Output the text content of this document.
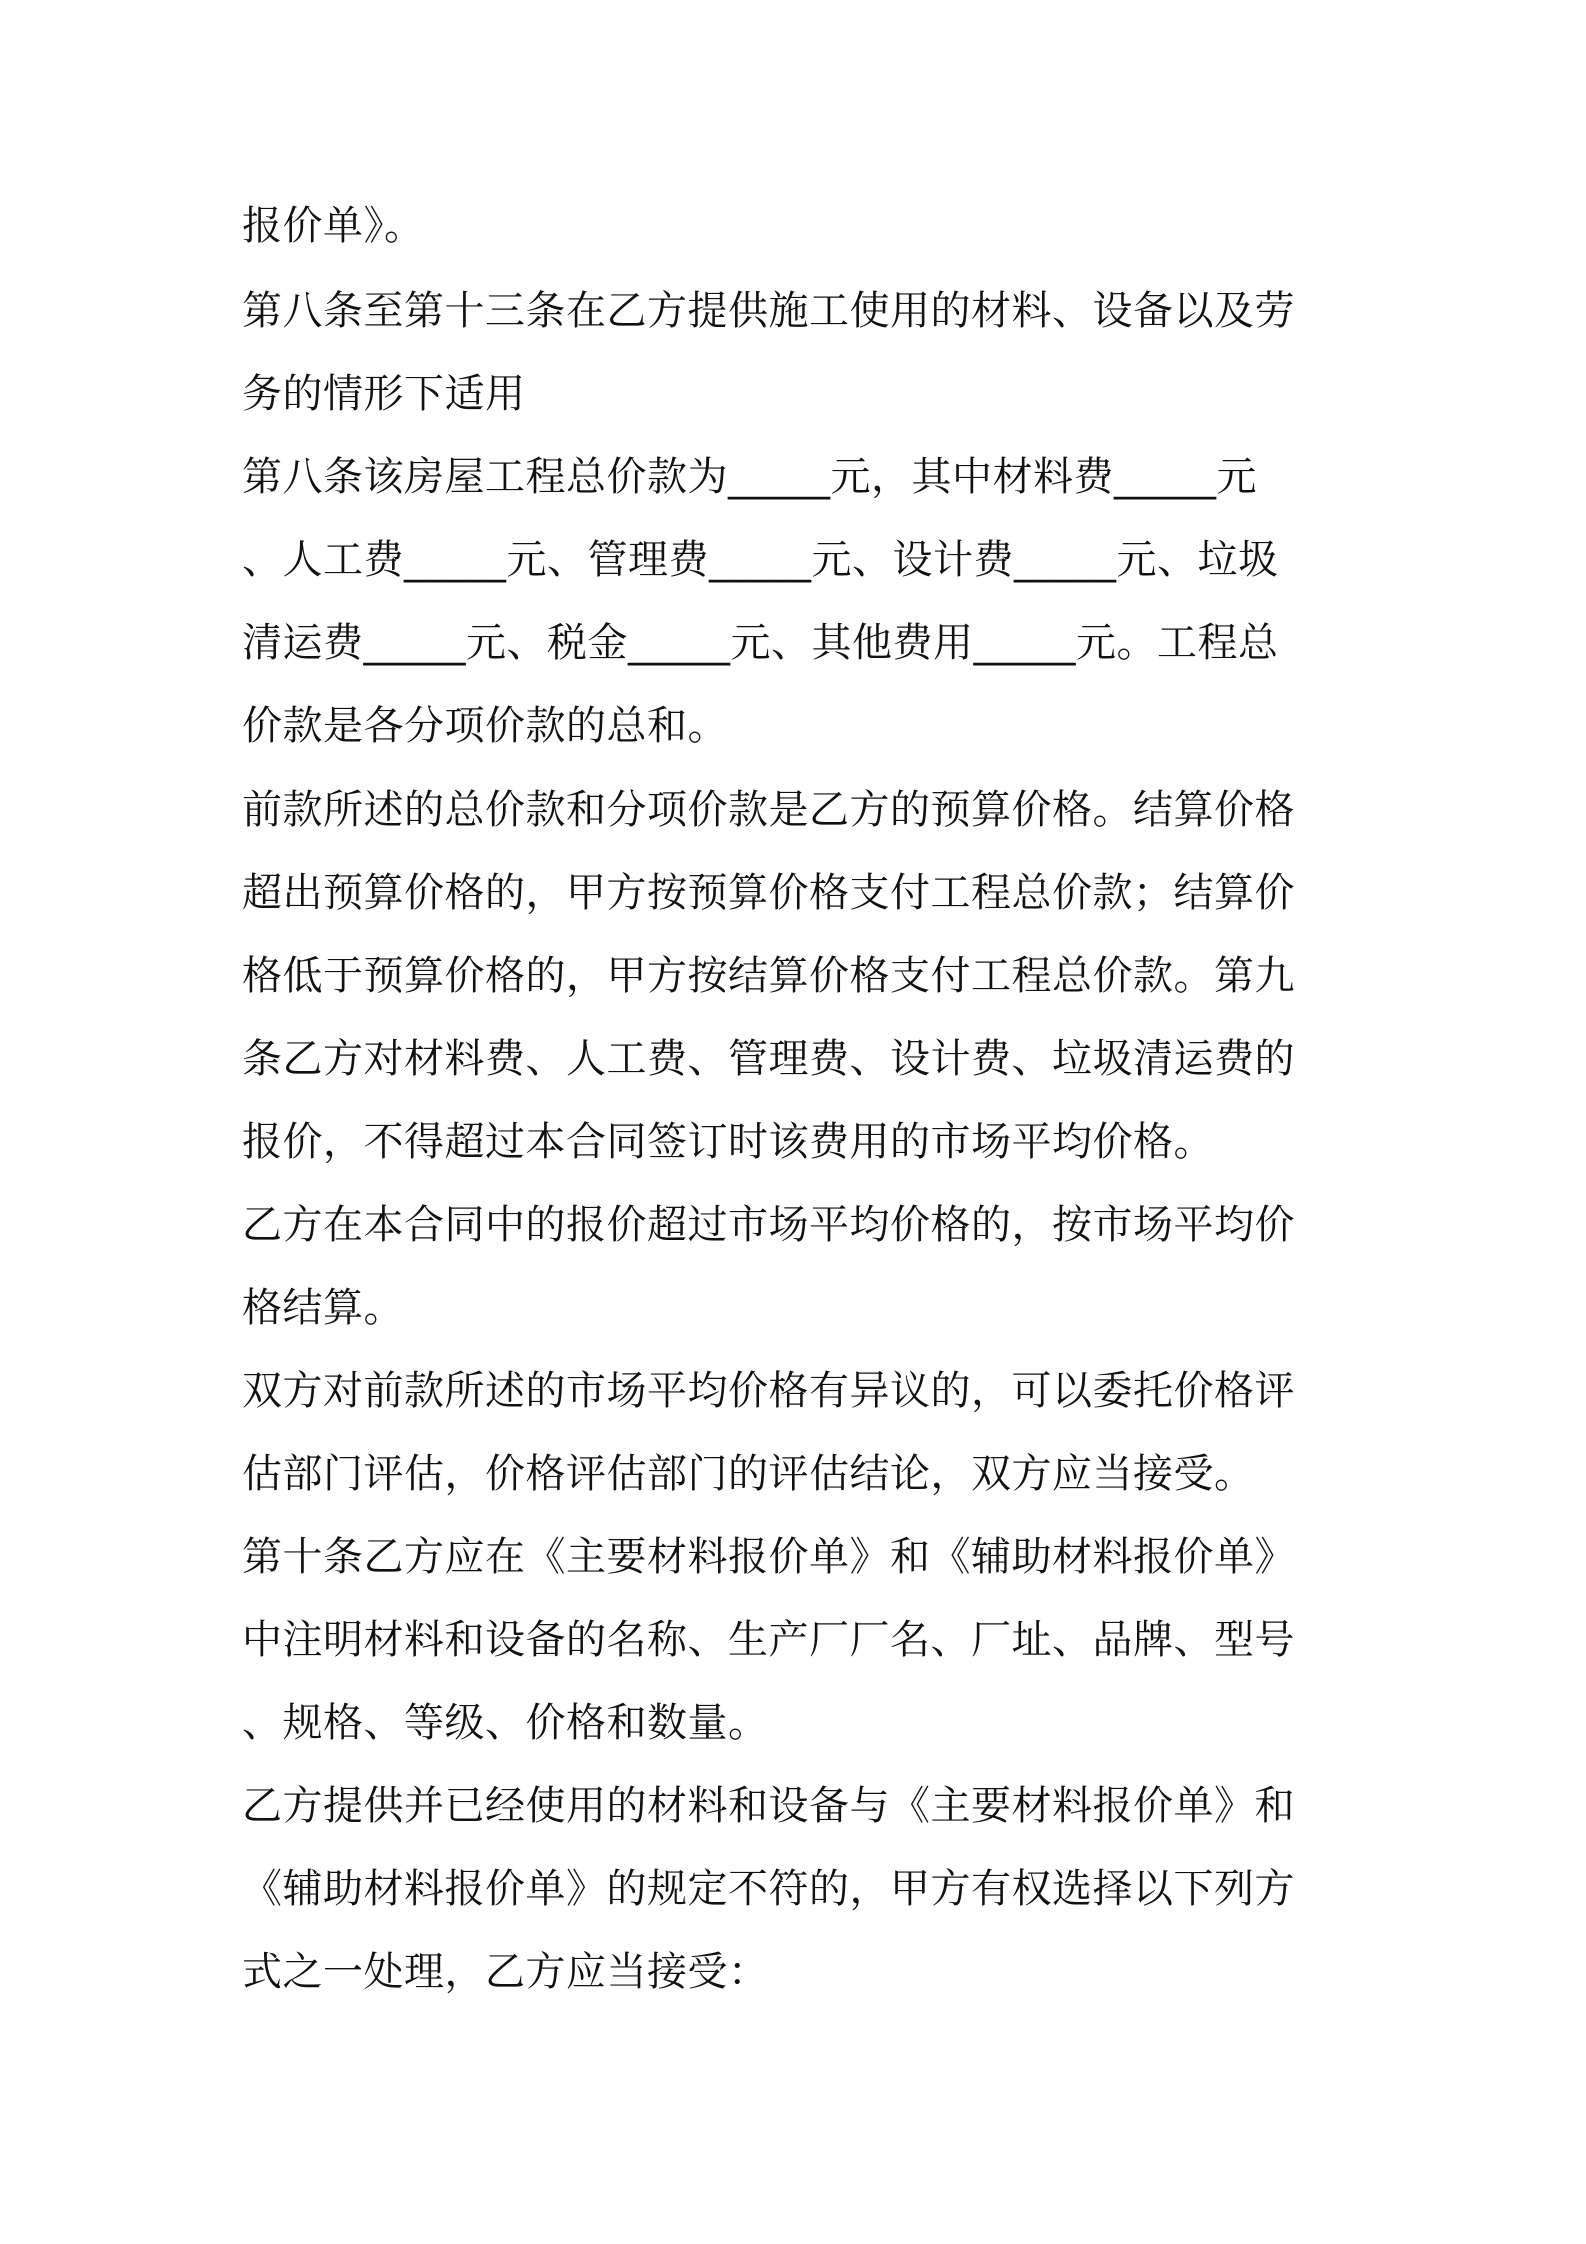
报价单》。

第八条至第十三条在乙方提供施工使用的材料、设备以及劳

务的情形下适用

第八条该房屋工程总价款为_____元，其中材料费_____元

、人工费_____元、管理费_____元、设计费_____元、垃圾

清运费_____元、税金_____元、其他费用_____元。工程总

价款是各分项价款的总和。

前款所述的总价款和分项价款是乙方的预算价格。结算价格

超出预算价格的，甲方按预算价格支付工程总价款；结算价

格低于预算价格的，甲方按结算价格支付工程总价款。第九

条乙方对材料费、人工费、管理费、设计费、垃圾清运费的

报价，不得超过本合同签订时该费用的市场平均价格。

乙方在本合同中的报价超过市场平均价格的，按市场平均价

格结算。

双方对前款所述的市场平均价格有异议的，可以委托价格评

估部门评估，价格评估部门的评估结论，双方应当接受。

第十条乙方应在《主要材料报价单》和《辅助材料报价单》

中注明材料和设备的名称、生产厂厂名、厂址、品牌、型号

、规格、等级、价格和数量。

乙方提供并已经使用的材料和设备与《主要材料报价单》和

《辅助材料报价单》的规定不符的，甲方有权选择以下列方

式之一处理，乙方应当接受：
